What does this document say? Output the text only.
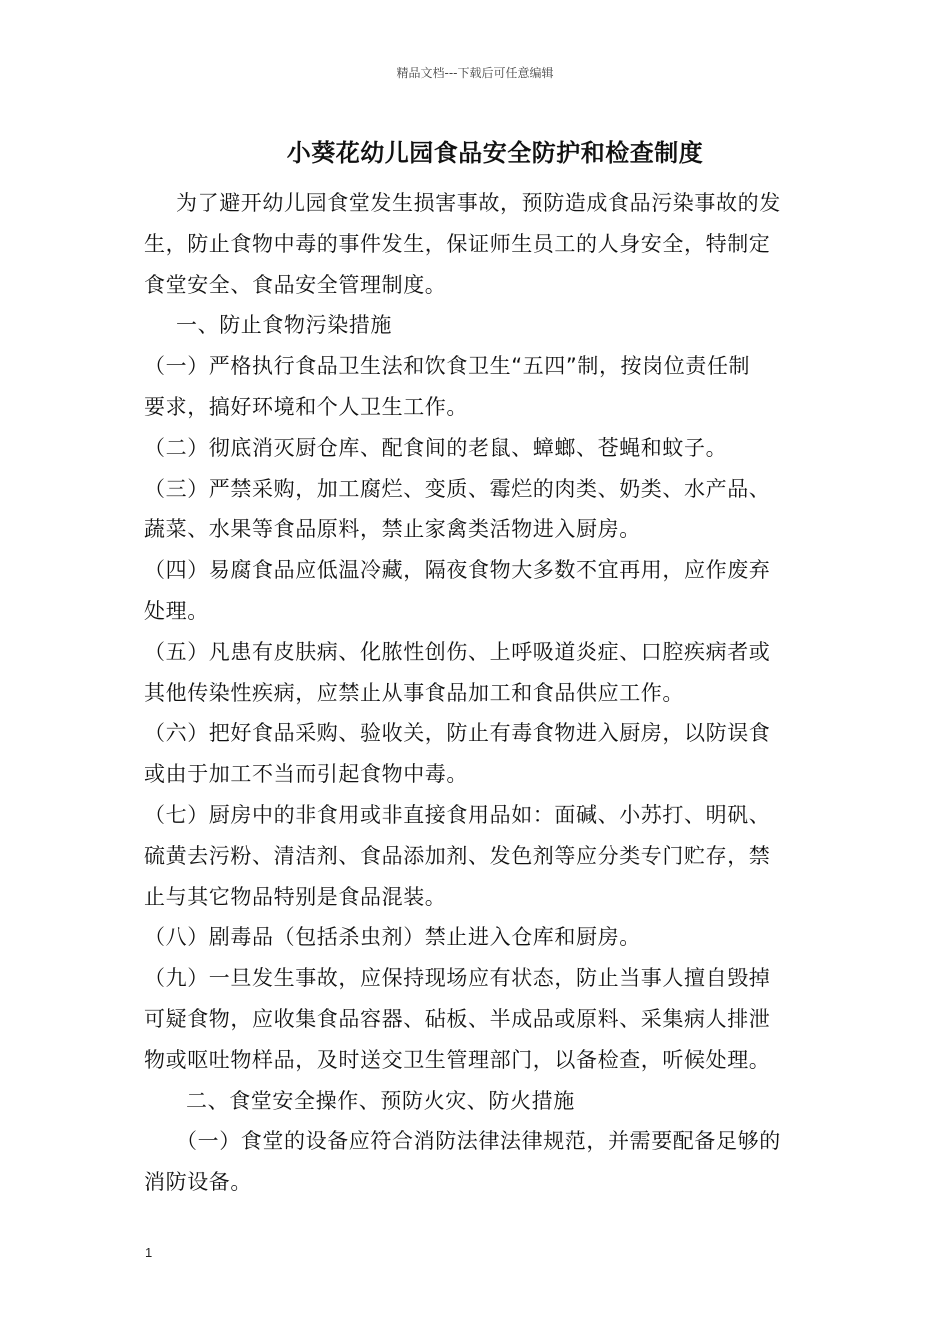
精品文档---下载后可任意编辑
小葵花幼儿园食品安全防护和检查制度
为了避开幼儿园食堂发生损害事故，预防造成食品污染事故的发
生，防止食物中毒的事件发生，保证师生员工的人身安全，特制定
食堂安全、食品安全管理制度。
一、防止食物污染措施
（一）严格执行食品卫生法和饮食卫生“五四”制，按岗位责任制
要求，搞好环境和个人卫生工作。
（二）彻底消灭厨仓库、配食间的老鼠、蟑螂、苍蝇和蚊子。
（三）严禁采购，加工腐烂、变质、霉烂的肉类、奶类、水产品、
蔬菜、水果等食品原料，禁止家禽类活物进入厨房。
（四）易腐食品应低温冷藏，隔夜食物大多数不宜再用，应作废弃
处理。
（五）凡患有皮肤病、化脓性创伤、上呼吸道炎症、口腔疾病者或
其他传染性疾病，应禁止从事食品加工和食品供应工作。
（六）把好食品采购、验收关，防止有毒食物进入厨房，以防误食
或由于加工不当而引起食物中毒。
（七）厨房中的非食用或非直接食用品如：面碱、小苏打、明矾、
硫黄去污粉、清洁剂、食品添加剂、发色剂等应分类专门贮存，禁
止与其它物品特别是食品混装。
（八）剧毒品（包括杀虫剂）禁止进入仓库和厨房。
（九）一旦发生事故，应保持现场应有状态，防止当事人擅自毁掉
可疑食物，应收集食品容器、砧板、半成品或原料、采集病人排泄
物或呕吐物样品，及时送交卫生管理部门，以备检查，听候处理。
二、食堂安全操作、预防火灾、防火措施
（一）食堂的设备应符合消防法律法律规范，并需要配备足够的
消防设备。
1
